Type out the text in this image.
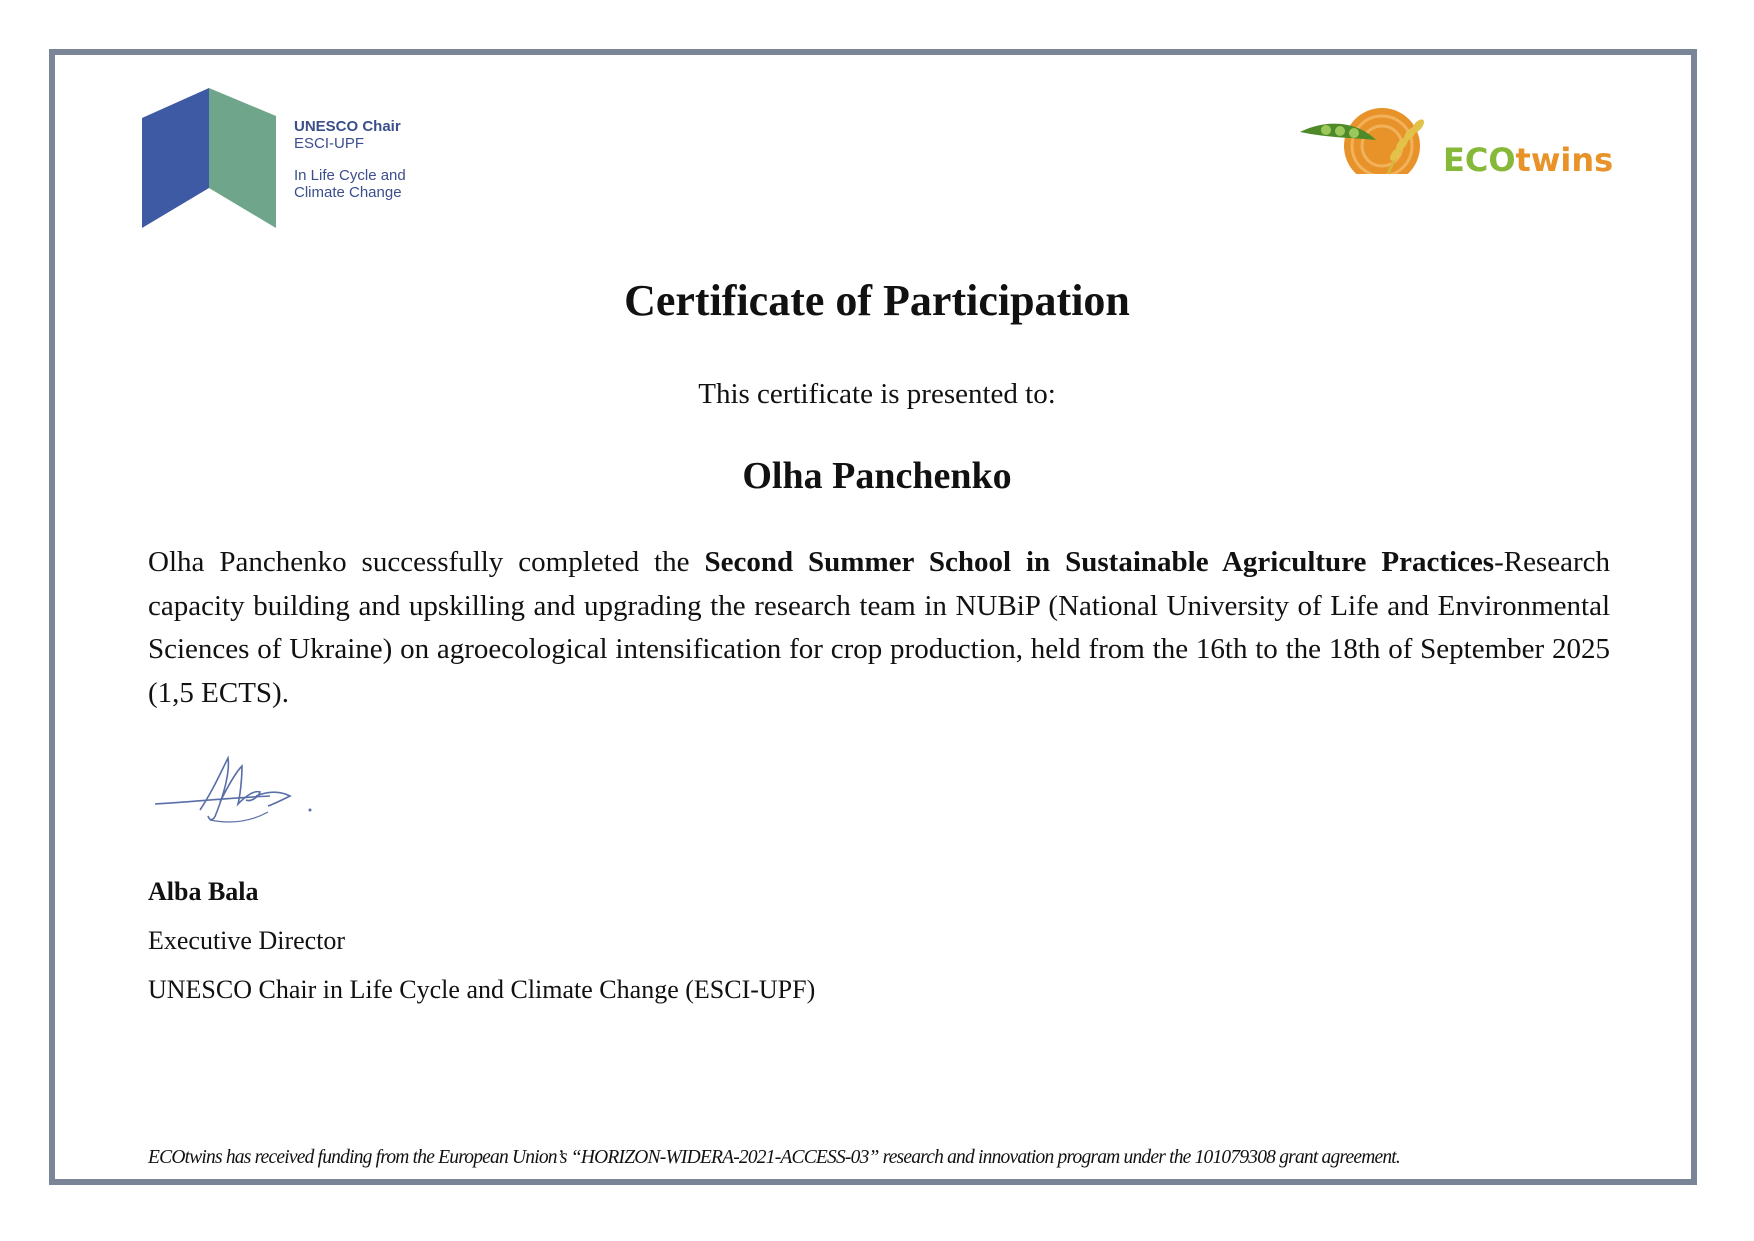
UNESCO Chair
ESCI-UPF
In Life Cycle and
Climate Change
ECOtwins
Certificate of Participation
This certificate is presented to:
Olha Panchenko
Olha Panchenko successfully completed the Second Summer School in Sustainable Agriculture Practices-Research capacity building and upskilling and upgrading the research team in NUBiP (National University of Life and Environmental Sciences of Ukraine) on agroecological intensification for crop production, held from the 16th to the 18th of September 2025 (1,5 ECTS).
Alba Bala
Executive Director
UNESCO Chair in Life Cycle and Climate Change (ESCI-UPF)
ECOtwins has received funding from the European Union’s “HORIZON-WIDERA-2021-ACCESS-03” research and innovation program under the 101079308 grant agreement.
